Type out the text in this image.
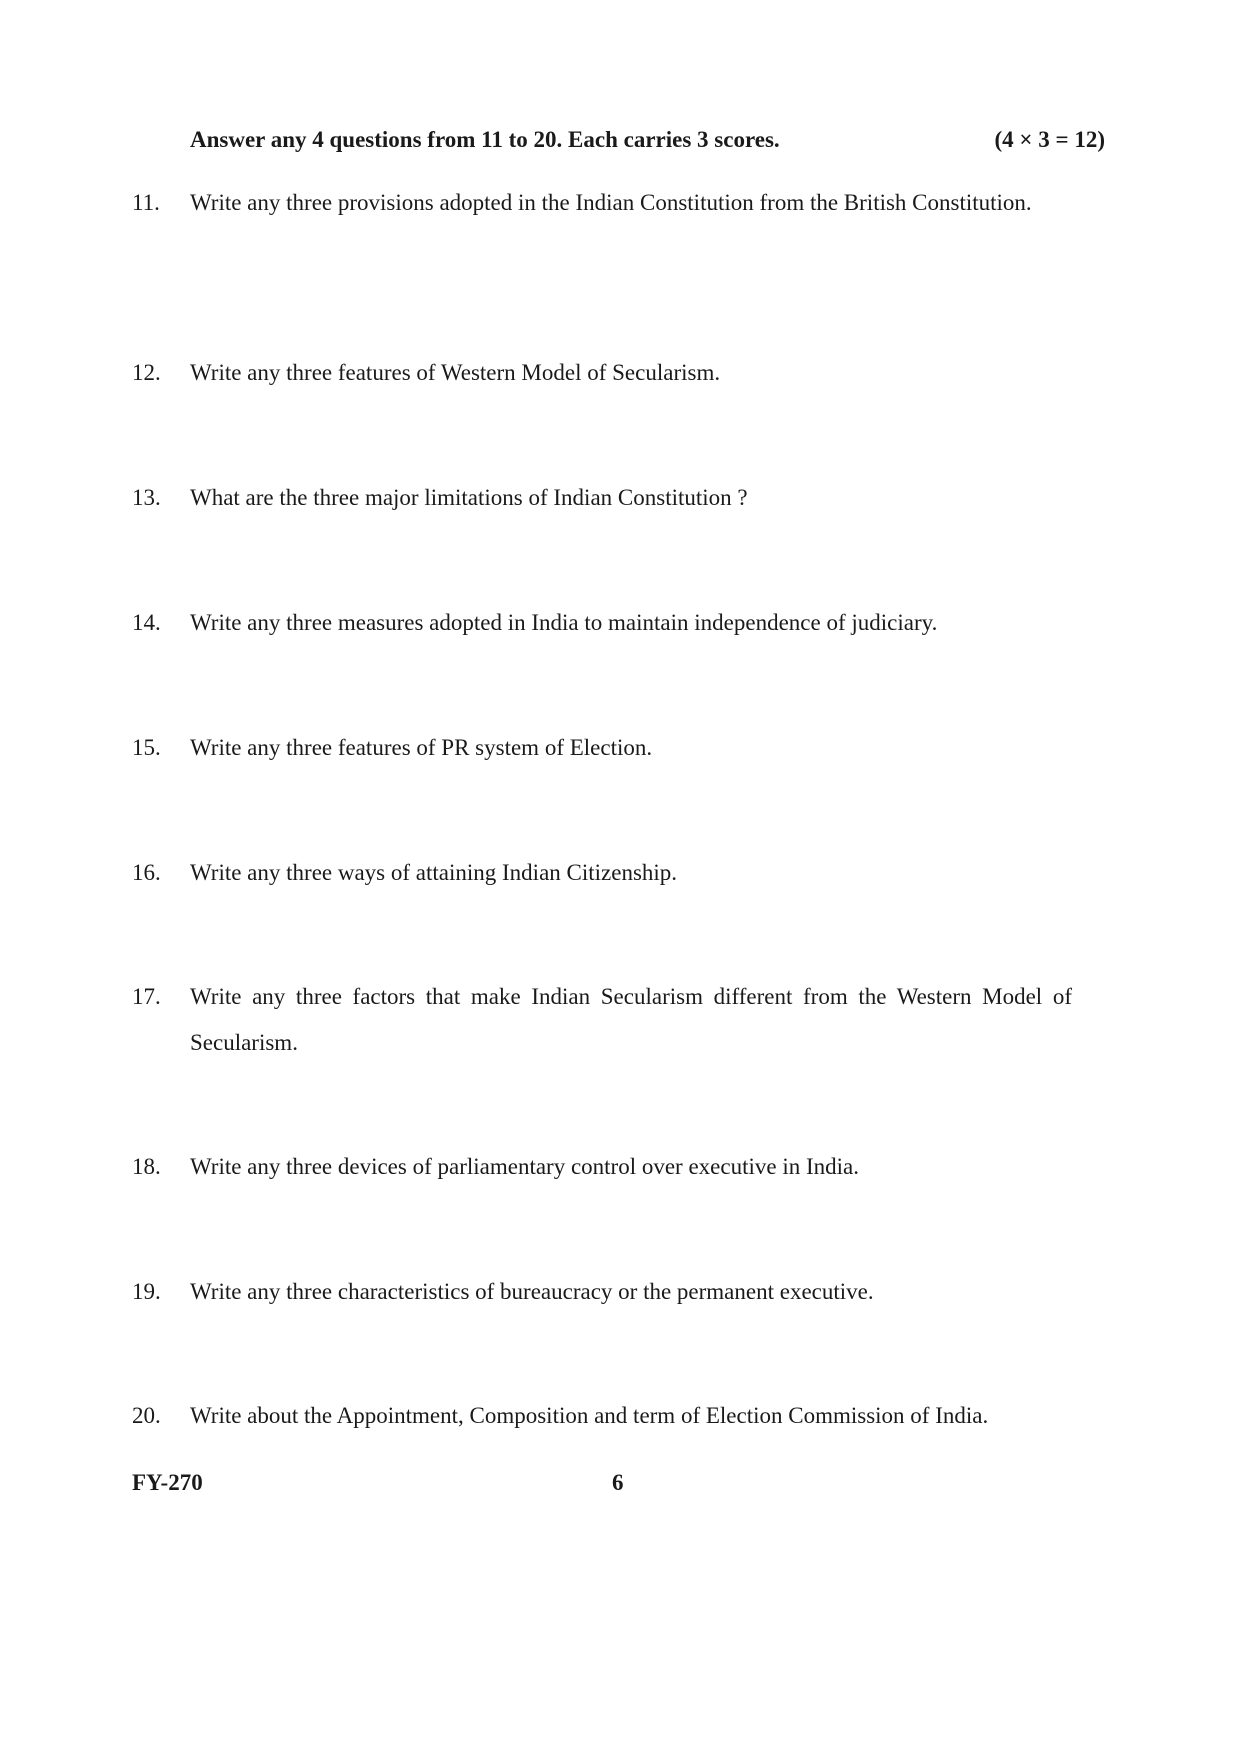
Answer any 4 questions from 11 to 20. Each carries 3 scores.	(4 × 3 = 12)
11.	Write any three provisions adopted in the Indian Constitution from the British Constitution.
12.	Write any three features of Western Model of Secularism.
13.	What are the three major limitations of Indian Constitution ?
14.	Write any three measures adopted in India to maintain independence of judiciary.
15.	Write any three features of PR system of Election.
16.	Write any three ways of attaining Indian Citizenship.
17.	Write any three factors that make Indian Secularism different from the Western Model of Secularism.
18.	Write any three devices of parliamentary control over executive in India.
19.	Write any three characteristics of bureaucracy or the permanent executive.
20.	Write about the Appointment, Composition and term of Election Commission of India.
FY-270	6
